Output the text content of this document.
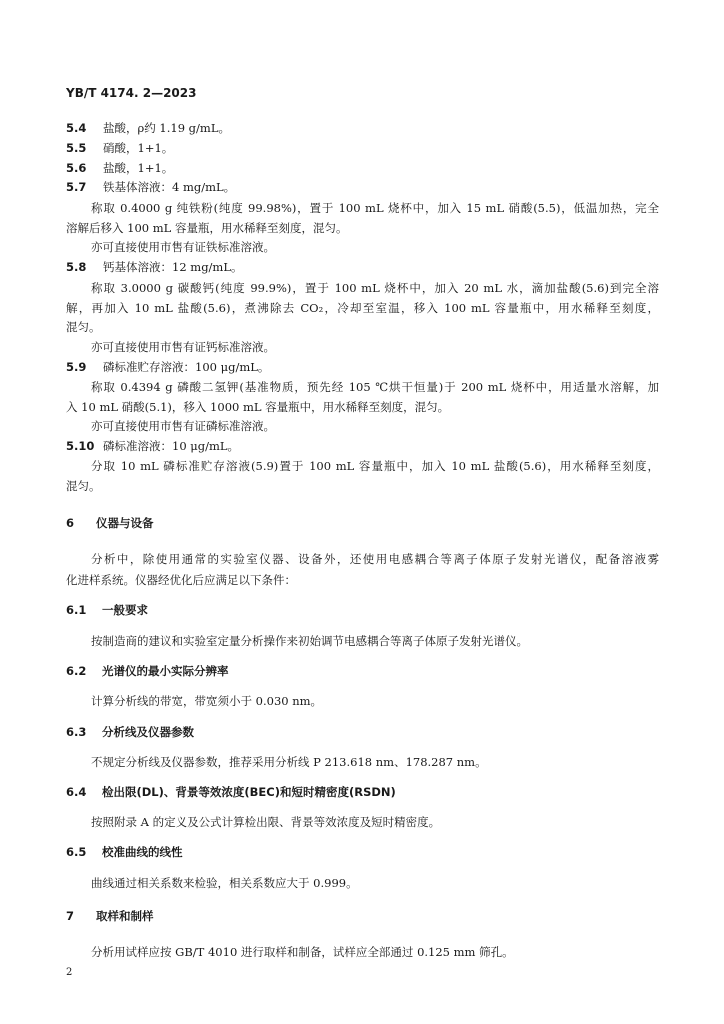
YB/T 4174. 2—2023
5.4 盐酸，ρ约 1.19 g/mL。
5.5 硝酸，1+1。
5.6 盐酸，1+1。
5.7 铁基体溶液：4 mg/mL。
称取 0.4000 g 纯铁粉(纯度 99.98%)，置于 100 mL 烧杯中，加入 15 mL 硝酸(5.5)，低温加热，完全
溶解后移入 100 mL 容量瓶，用水稀释至刻度，混匀。
亦可直接使用市售有证铁标准溶液。
5.8 钙基体溶液：12 mg/mL。
称取 3.0000 g 碳酸钙(纯度 99.9%)，置于 100 mL 烧杯中，加入 20 mL 水，滴加盐酸(5.6)到完全溶
解，再加入 10 mL 盐酸(5.6)，煮沸除去 CO₂，冷却至室温，移入 100 mL 容量瓶中，用水稀释至刻度，
混匀。
亦可直接使用市售有证钙标准溶液。
5.9 磷标准贮存溶液：100 μg/mL。
称取 0.4394 g 磷酸二氢钾(基准物质，预先经 105 ℃烘干恒量)于 200 mL 烧杯中，用适量水溶解，加
入 10 mL 硝酸(5.1)，移入 1000 mL 容量瓶中，用水稀释至刻度，混匀。
亦可直接使用市售有证磷标准溶液。
5.10 磷标准溶液：10 μg/mL。
分取 10 mL 磷标准贮存溶液(5.9)置于 100 mL 容量瓶中，加入 10 mL 盐酸(5.6)，用水稀释至刻度，
混匀。
6 仪器与设备
分析中，除使用通常的实验室仪器、设备外，还使用电感耦合等离子体原子发射光谱仪，配备溶液雾
化进样系统。仪器经优化后应满足以下条件：
6.1 一般要求
按制造商的建议和实验室定量分析操作来初始调节电感耦合等离子体原子发射光谱仪。
6.2 光谱仪的最小实际分辨率
计算分析线的带宽，带宽须小于 0.030 nm。
6.3 分析线及仪器参数
不规定分析线及仪器参数，推荐采用分析线 P 213.618 nm、178.287 nm。
6.4 检出限(DL)、背景等效浓度(BEC)和短时精密度(RSDN)
按照附录 A 的定义及公式计算检出限、背景等效浓度及短时精密度。
6.5 校准曲线的线性
曲线通过相关系数来检验，相关系数应大于 0.999。
7 取样和制样
分析用试样应按 GB/T 4010 进行取样和制备，试样应全部通过 0.125 mm 筛孔。
2
